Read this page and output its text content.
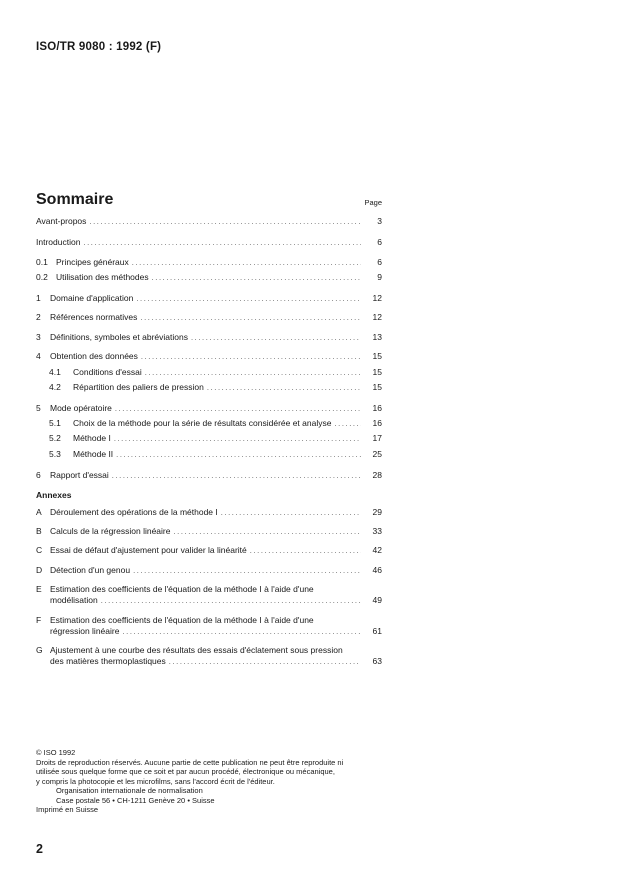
ISO/TR 9080 : 1992 (F)
Sommaire	Page
Avant-propos .....	3
Introduction .....	6
0.1 Principes généraux .....	6
0.2 Utilisation des méthodes .....	9
1	Domaine d'application .....	12
2	Références normatives .....	12
3	Définitions, symboles et abréviations .....	13
4	Obtention des données .....	15
4.1	Conditions d'essai .....	15
4.2	Répartition des paliers de pression .....	15
5	Mode opératoire .....	16
5.1	Choix de la méthode pour la série de résultats considérée et analyse .....	16
5.2	Méthode I .....	17
5.3	Méthode II .....	25
6	Rapport d'essai .....	28
A Déroulement des opérations de la méthode I .....	29
B Calculs de la régression linéaire .....	33
C Essai de défaut d'ajustement pour valider la linéarité .....	42
D Détection d'un genou .....	46
E Estimation des coefficients de l'équation de la méthode I à l'aide d'une
modélisation .....	49
F	Estimation des coefficients de l'équation de la méthode I à l'aide d'une
régression linéaire .....	61
G Ajustement à une courbe des résultats des essais d'éclatement sous pression
des matières thermoplastiques .....	63
Annexes

© ISO 1992

Droits de reproduction réservés. Aucune partie de cette publication ne peut être reproduite ni

utilisée sous quelque forme que ce soit et par aucun procédé, électronique ou mécanique,

y compris la photocopie et les microfilms, sans l'accord écrit de l'éditeur.

Organisation internationale de normalisation

Case postale 56 • CH-1211 Genève 20 • Suisse

Imprimé en Suisse

2
